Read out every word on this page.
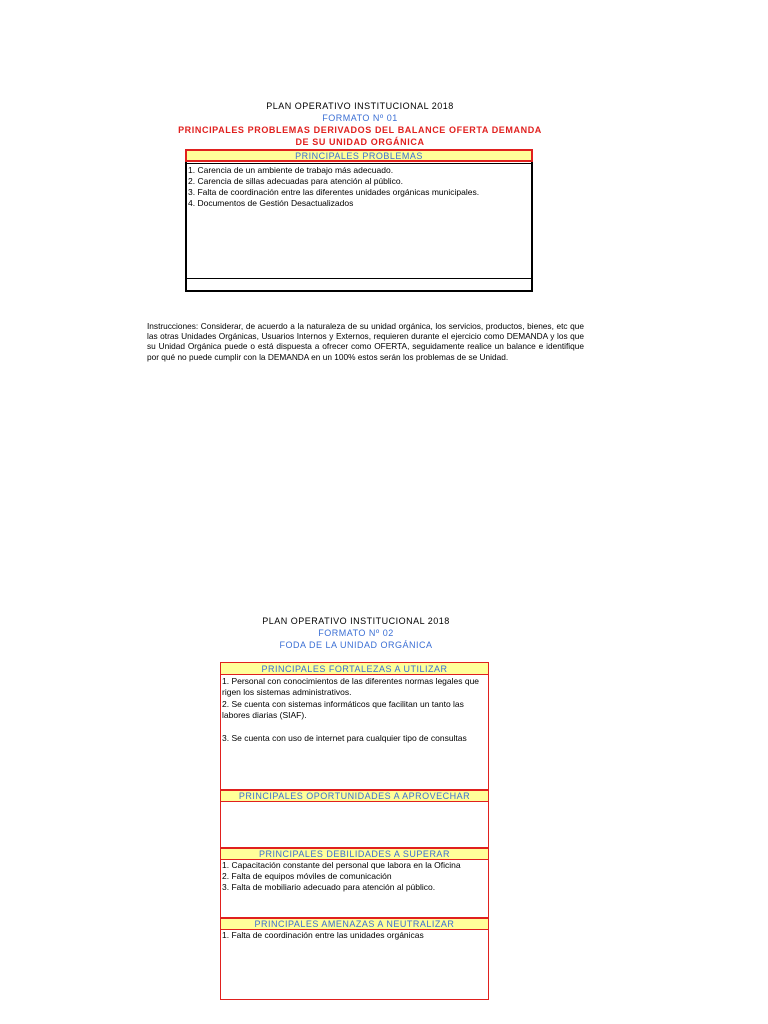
PLAN OPERATIVO INSTITUCIONAL 2018
FORMATO Nº 01
PRINCIPALES PROBLEMAS DERIVADOS DEL BALANCE OFERTA DEMANDA
DE SU UNIDAD ORGÁNICA
PRINCIPALES PROBLEMAS
1. Carencia de un ambiente de trabajo más adecuado.
2. Carencia de sillas adecuadas para atención al público.
3. Falta de coordinación entre las diferentes unidades orgánicas municipales.
4. Documentos de Gestión Desactualizados
Instrucciones: Considerar, de acuerdo a la naturaleza de su unidad orgánica, los servicios, productos, bienes, etc que las otras Unidades Orgánicas, Usuarios Internos y Externos, requieren durante el ejercicio como DEMANDA y los que su Unidad Orgánica puede o está dispuesta a ofrecer como OFERTA, seguidamente realice un balance e identifique por qué no puede cumplir con la DEMANDA en un 100% estos serán los problemas de se Unidad.
PLAN OPERATIVO INSTITUCIONAL 2018
FORMATO Nº 02
FODA DE LA UNIDAD ORGÁNICA
PRINCIPALES FORTALEZAS A UTILIZAR
1. Personal con conocimientos de las diferentes normas legales que rigen los sistemas administrativos.
2. Se cuenta con sistemas informáticos que facilitan un tanto las labores diarias (SIAF).
3. Se cuenta con uso de internet para cualquier tipo de consultas
PRINCIPALES OPORTUNIDADES A APROVECHAR
PRINCIPALES DEBILIDADES A SUPERAR
1. Capacitación constante del personal que labora en la Oficina
2. Falta de equipos móviles de comunicación
3. Falta de mobiliario adecuado para atención al público.
PRINCIPALES AMENAZAS A NEUTRALIZAR
1. Falta de coordinación entre las unidades orgánicas
